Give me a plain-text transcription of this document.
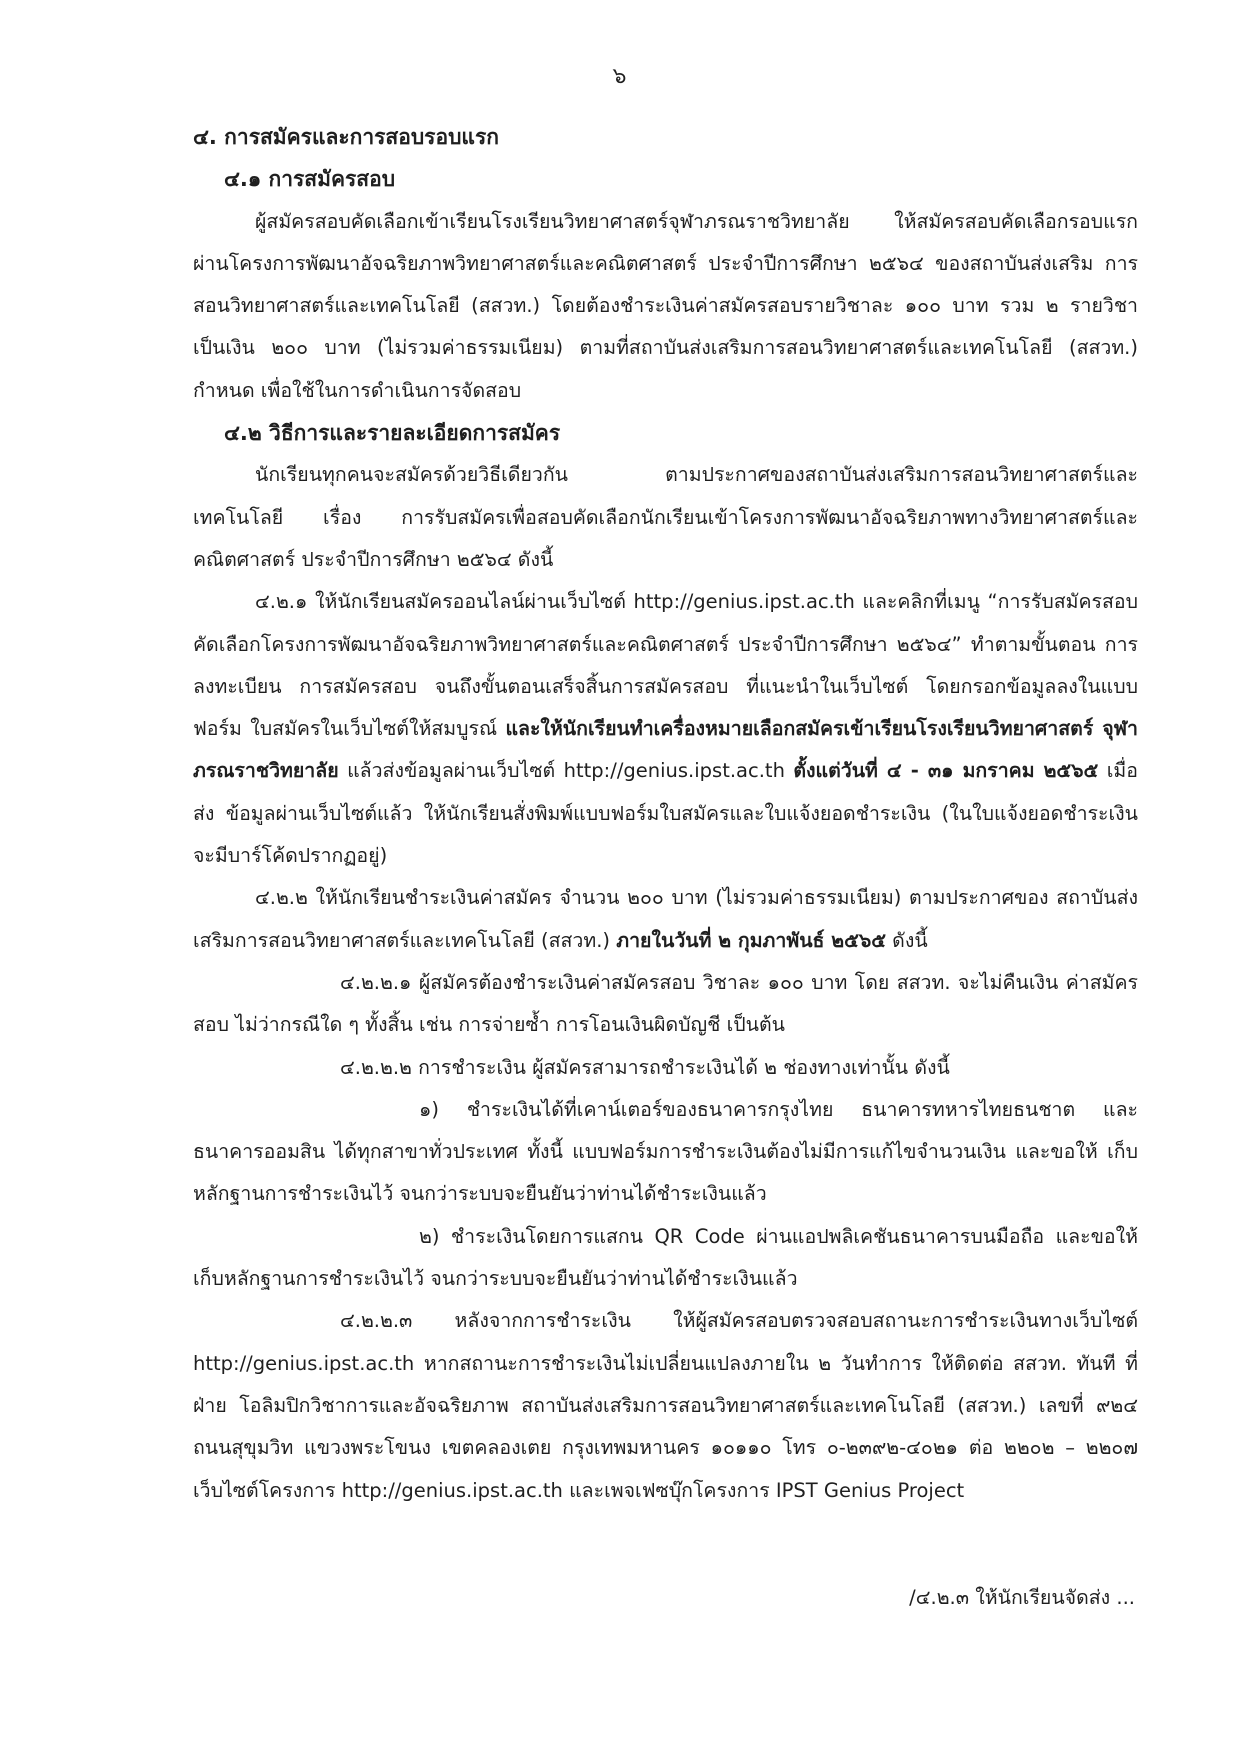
๖

๔. การสมัครและการสอบรอบแรก

๔.๑ การสมัครสอบ

ผู้สมัครสอบคัดเลือกเข้าเรียนโรงเรียนวิทยาศาสตร์จุฬาภรณราชวิทยาลัย ให้สมัครสอบคัดเลือกรอบแรก ผ่านโครงการพัฒนาอัจฉริยภาพวิทยาศาสตร์และคณิตศาสตร์ ประจำปีการศึกษา ๒๕๖๔ ของสถาบันส่งเสริม การสอนวิทยาศาสตร์และเทคโนโลยี (สสวท.) โดยต้องชำระเงินค่าสมัครสอบรายวิชาละ ๑๐๐ บาท รวม ๒ รายวิชา เป็นเงิน ๒๐๐ บาท (ไม่รวมค่าธรรมเนียม) ตามที่สถาบันส่งเสริมการสอนวิทยาศาสตร์และเทคโนโลยี (สสวท.) กำหนด เพื่อใช้ในการดำเนินการจัดสอบ

๔.๒ วิธีการและรายละเอียดการสมัคร

นักเรียนทุกคนจะสมัครด้วยวิธีเดียวกัน ตามประกาศของสถาบันส่งเสริมการสอนวิทยาศาสตร์และ เทคโนโลยี เรื่อง การรับสมัครเพื่อสอบคัดเลือกนักเรียนเข้าโครงการพัฒนาอัจฉริยภาพทางวิทยาศาสตร์และ คณิตศาสตร์ ประจำปีการศึกษา ๒๕๖๔ ดังนี้

๔.๒.๑ ให้นักเรียนสมัครออนไลน์ผ่านเว็บไซต์ http://genius.ipst.ac.th และคลิกที่เมนู “การรับสมัครสอบ คัดเลือกโครงการพัฒนาอัจฉริยภาพวิทยาศาสตร์และคณิตศาสตร์ ประจำปีการศึกษา ๒๕๖๔” ทำตามขั้นตอน การลงทะเบียน การสมัครสอบ จนถึงขั้นตอนเสร็จสิ้นการสมัครสอบ ที่แนะนำในเว็บไซต์ โดยกรอกข้อมูลลงในแบบฟอร์ม ใบสมัครในเว็บไซต์ให้สมบูรณ์ และให้นักเรียนทำเครื่องหมายเลือกสมัครเข้าเรียนโรงเรียนวิทยาศาสตร์ จุฬาภรณราชวิทยาลัย แล้วส่งข้อมูลผ่านเว็บไซต์ http://genius.ipst.ac.th ตั้งแต่วันที่ ๔ - ๓๑ มกราคม ๒๕๖๕ เมื่อส่ง ข้อมูลผ่านเว็บไซต์แล้ว ให้นักเรียนสั่งพิมพ์แบบฟอร์มใบสมัครและใบแจ้งยอดชำระเงิน (ในใบแจ้งยอดชำระเงิน จะมีบาร์โค้ดปรากฏอยู่)

๔.๒.๒ ให้นักเรียนชำระเงินค่าสมัคร จำนวน ๒๐๐ บาท (ไม่รวมค่าธรรมเนียม) ตามประกาศของ สถาบันส่งเสริมการสอนวิทยาศาสตร์และเทคโนโลยี (สสวท.) ภายในวันที่ ๒ กุมภาพันธ์ ๒๕๖๕ ดังนี้

๔.๒.๒.๑ ผู้สมัครต้องชำระเงินค่าสมัครสอบ วิชาละ ๑๐๐ บาท โดย สสวท. จะไม่คืนเงิน ค่าสมัครสอบ ไม่ว่ากรณีใด ๆ ทั้งสิ้น เช่น การจ่ายซ้ำ การโอนเงินผิดบัญชี เป็นต้น

๔.๒.๒.๒ การชำระเงิน ผู้สมัครสามารถชำระเงินได้ ๒ ช่องทางเท่านั้น ดังนี้

๑) ชำระเงินได้ที่เคาน์เตอร์ของธนาคารกรุงไทย ธนาคารทหารไทยธนชาต และ ธนาคารออมสิน ได้ทุกสาขาทั่วประเทศ ทั้งนี้ แบบฟอร์มการชำระเงินต้องไม่มีการแก้ไขจำนวนเงิน และขอให้ เก็บหลักฐานการชำระเงินไว้ จนกว่าระบบจะยืนยันว่าท่านได้ชำระเงินแล้ว

๒) ชำระเงินโดยการแสกน QR Code ผ่านแอปพลิเคชันธนาคารบนมือถือ และขอให้ เก็บหลักฐานการชำระเงินไว้ จนกว่าระบบจะยืนยันว่าท่านได้ชำระเงินแล้ว

๔.๒.๒.๓ หลังจากการชำระเงิน ให้ผู้สมัครสอบตรวจสอบสถานะการชำระเงินทางเว็บไซต์ http://genius.ipst.ac.th หากสถานะการชำระเงินไม่เปลี่ยนแปลงภายใน ๒ วันทำการ ให้ติดต่อ สสวท. ทันที ที่ฝ่าย โอลิมปิกวิชาการและอัจฉริยภาพ สถาบันส่งเสริมการสอนวิทยาศาสตร์และเทคโนโลยี (สสวท.) เลขที่ ๙๒๔ ถนนสุขุมวิท แขวงพระโขนง เขตคลองเตย กรุงเทพมหานคร ๑๐๑๑๐ โทร ๐-๒๓๙๒-๔๐๒๑ ต่อ ๒๒๐๒ – ๒๒๐๗ เว็บไซต์โครงการ http://genius.ipst.ac.th และเพจเฟซบุ๊กโครงการ IPST Genius Project

/๔.๒.๓ ให้นักเรียนจัดส่ง ...
